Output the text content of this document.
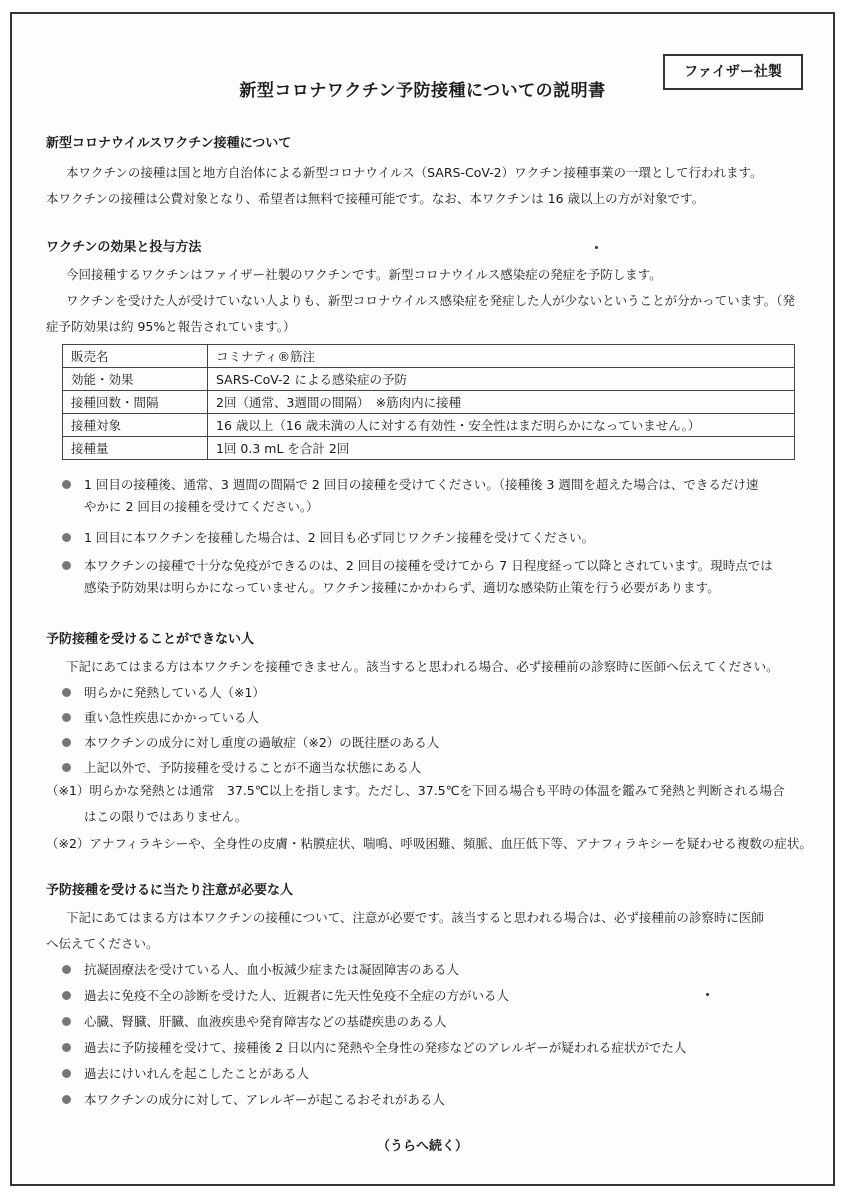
新型コロナワクチン予防接種についての説明書
ファイザー社製
新型コロナウイルスワクチン接種について
本ワクチンの接種は国と地方自治体による新型コロナウイルス（SARS-CoV-2）ワクチン接種事業の一環として行われます。
本ワクチンの接種は公費対象となり、希望者は無料で接種可能です。なお、本ワクチンは 16 歳以上の方が対象です。
ワクチンの効果と投与方法
今回接種するワクチンはファイザー社製のワクチンです。新型コロナウイルス感染症の発症を予防します。
ワクチンを受けた人が受けていない人よりも、新型コロナウイルス感染症を発症した人が少ないということが分かっています。（発
症予防効果は約 95%と報告されています。）
販売名	コミナティ®筋注
効能・効果	SARS-CoV-2 による感染症の予防
接種回数・間隔	2回（通常、3週間の間隔）　※筋肉内に接種
接種対象	16 歳以上（16 歳未満の人に対する有効性・安全性はまだ明らかになっていません。）
接種量	1回 0.3 mL を合計 2回
1 回目の接種後、通常、3 週間の間隔で 2 回目の接種を受けてください。（接種後 3 週間を超えた場合は、できるだけ速
やかに 2 回目の接種を受けてください。）
1 回目に本ワクチンを接種した場合は、2 回目も必ず同じワクチン接種を受けてください。
本ワクチンの接種で十分な免疫ができるのは、2 回目の接種を受けてから 7 日程度経って以降とされています。現時点では
感染予防効果は明らかになっていません。ワクチン接種にかかわらず、適切な感染防止策を行う必要があります。
予防接種を受けることができない人
下記にあてはまる方は本ワクチンを接種できません。該当すると思われる場合、必ず接種前の診察時に医師へ伝えてください。
明らかに発熱している人（※1）
重い急性疾患にかかっている人
本ワクチンの成分に対し重度の過敏症（※2）の既往歴のある人
上記以外で、予防接種を受けることが不適当な状態にある人
（※1）明らかな発熱とは通常　37.5℃以上を指します。ただし、37.5℃を下回る場合も平時の体温を鑑みて発熱と判断される場合
はこの限りではありません。
（※2）アナフィラキシーや、全身性の皮膚・粘膜症状、喘鳴、呼吸困難、頻脈、血圧低下等、アナフィラキシーを疑わせる複数の症状。
予防接種を受けるに当たり注意が必要な人
下記にあてはまる方は本ワクチンの接種について、注意が必要です。該当すると思われる場合は、必ず接種前の診察時に医師
へ伝えてください。
抗凝固療法を受けている人、血小板減少症または凝固障害のある人
過去に免疫不全の診断を受けた人、近親者に先天性免疫不全症の方がいる人
心臓、腎臓、肝臓、血液疾患や発育障害などの基礎疾患のある人
過去に予防接種を受けて、接種後 2 日以内に発熱や全身性の発疹などのアレルギーが疑われる症状がでた人
過去にけいれんを起こしたことがある人
本ワクチンの成分に対して、アレルギーが起こるおそれがある人
（うらへ続く）
